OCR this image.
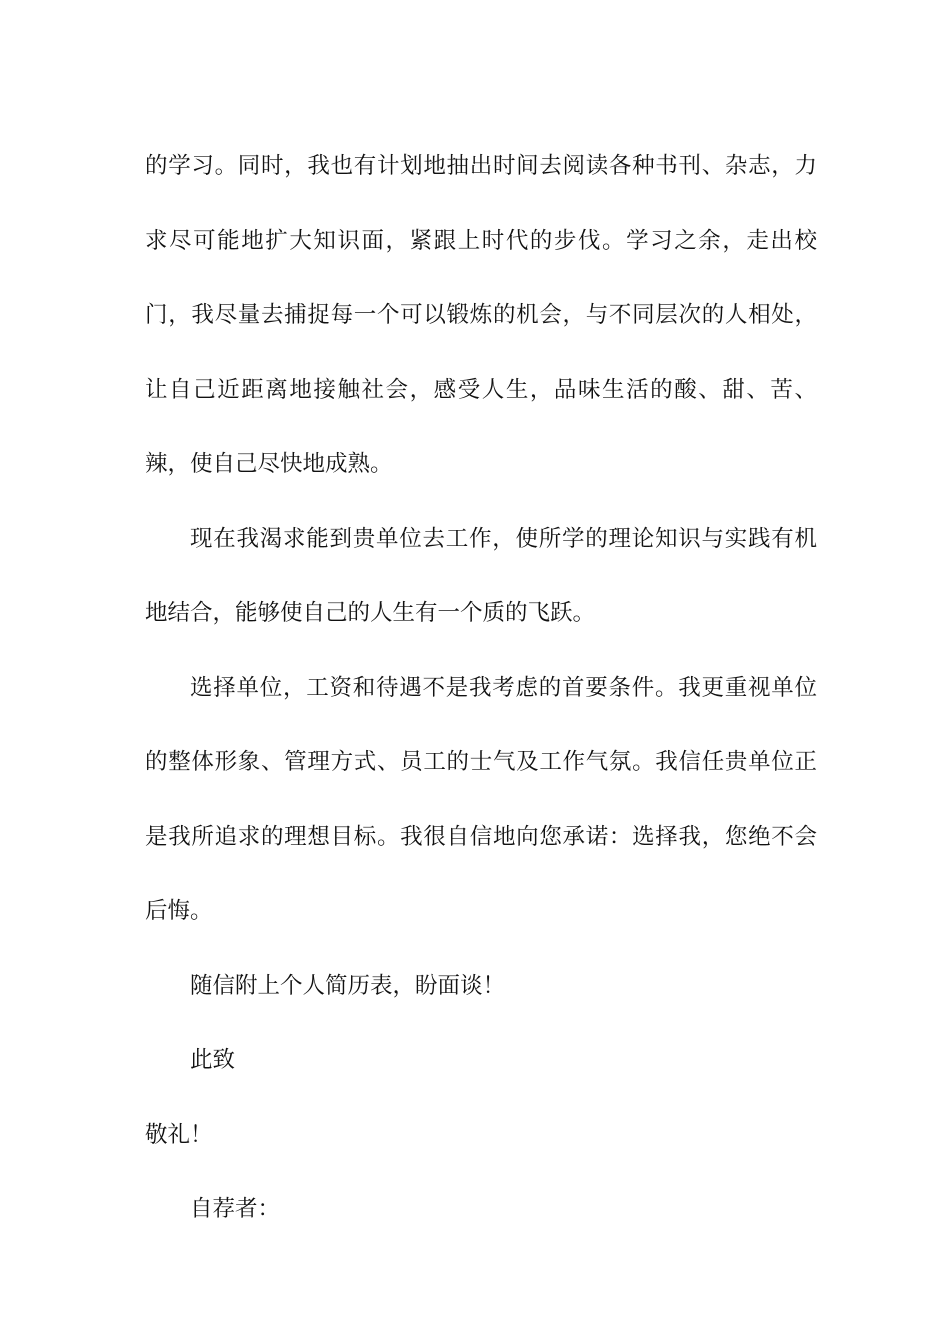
的学习。同时，我也有计划地抽出时间去阅读各种书刊、杂志，力求尽可能地扩大知识面，紧跟上时代的步伐。学习之余，走出校门，我尽量去捕捉每一个可以锻炼的机会，与不同层次的人相处，让自己近距离地接触社会，感受人生，品味生活的酸、甜、苦、辣，使自己尽快地成熟。

现在我渴求能到贵单位去工作，使所学的理论知识与实践有机地结合，能够使自己的人生有一个质的飞跃。

选择单位，工资和待遇不是我考虑的首要条件。我更重视单位的整体形象、管理方式、员工的士气及工作气氛。我信任贵单位正是我所追求的理想目标。我很自信地向您承诺：选择我，您绝不会后悔。

随信附上个人简历表，盼面谈！

此致

敬礼！

自荐者：
